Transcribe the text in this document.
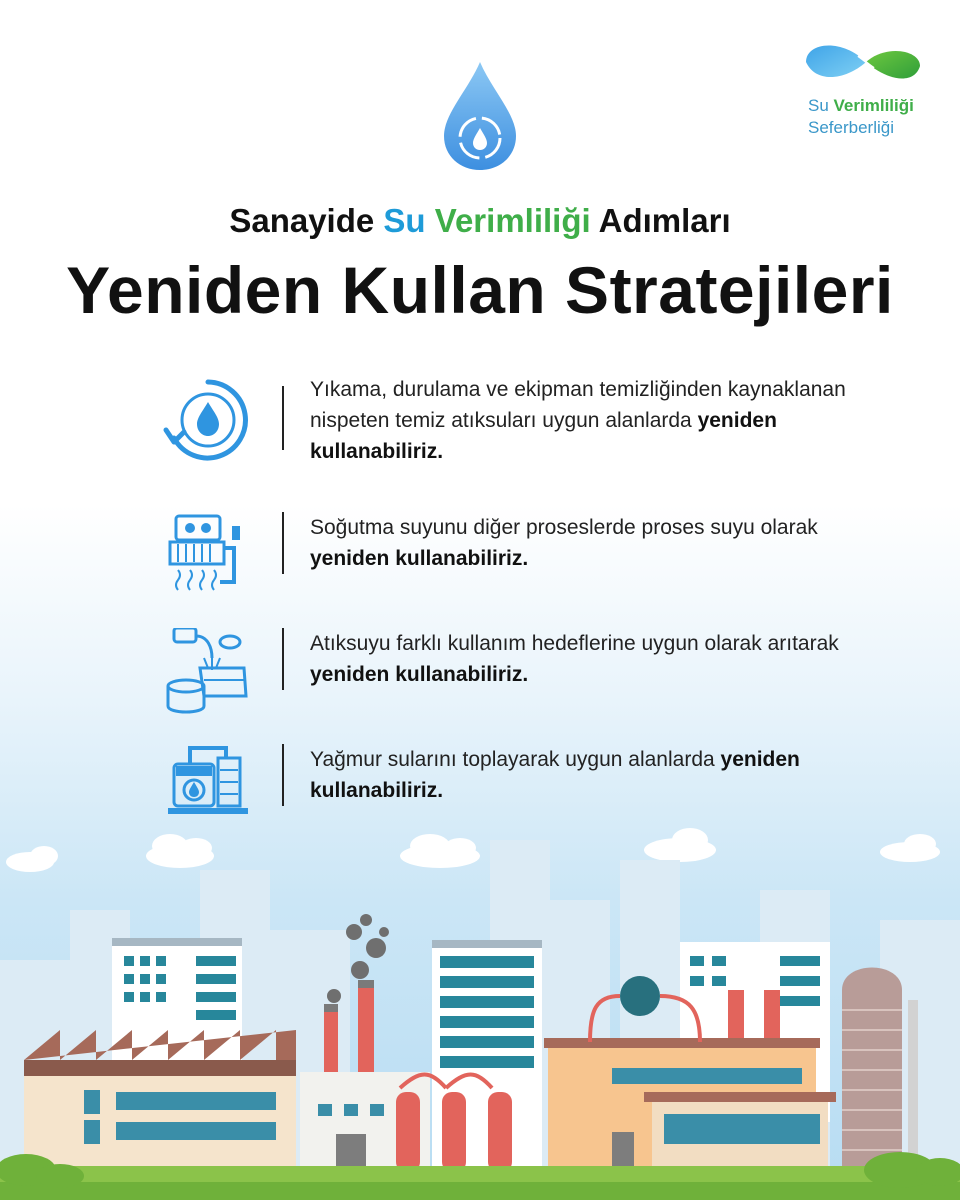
Su Verimliliği
Seferberliği
Sanayide Su Verimliliği Adımları
Yeniden Kullan Stratejileri
Yıkama, durulama ve ekipman temizliğinden kaynaklanan nispeten temiz atıksuları uygun alanlarda yeniden kullanabiliriz.
Soğutma suyunu diğer proseslerde proses suyu olarak yeniden kullanabiliriz.
Atıksuyu farklı kullanım hedeflerine uygun olarak arıtarak yeniden kullanabiliriz.
Yağmur sularını toplayarak uygun alanlarda yeniden kullanabiliriz.
